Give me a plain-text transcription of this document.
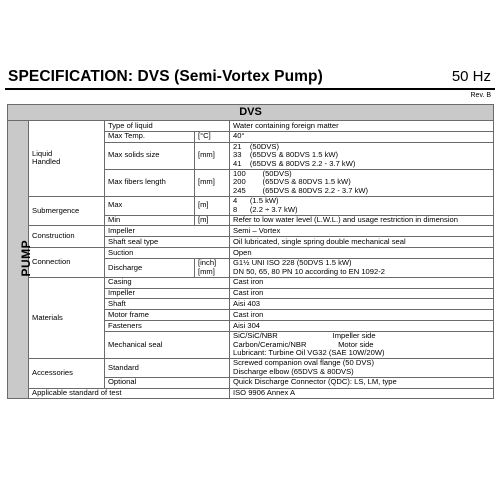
SPECIFICATION: DVS (Semi-Vortex Pump)	50 Hz
Rev. B
DVS				
PUMP	Liquid
Handled	Type of liquid		Water containing foreign matter
		Max Temp.	[°C]	40°
		Max solids size	[mm]	21    (50DVS)
33    (65DVS & 80DVS 1.5 kW)
41    (65DVS & 80DVS 2.2 - 3.7 kW)
		Max fibers length	[mm]	100        (50DVS)
200        (65DVS & 80DVS 1.5 kW)
245        (65DVS & 80DVS 2.2 - 3.7 kW)
	Submergence	Max	[m]	4      (1.5 kW)
8      (2.2 ÷ 3.7 kW)
		Min	[m]	Refer to low water level (L.W.L.) and usage restriction in dimension
	Construction	Impeller		Semi – Vortex
		Shaft seal type		Oil lubricated, single spring double mechanical seal
	Connection	Suction		Open
		Discharge	[inch]
[mm]	G1½ UNI ISO 228 (50DVS 1.5 kW)
DN 50, 65, 80 PN 10 according to EN 1092-2
	Materials	Casing		Cast iron
		Impeller		Cast iron
		Shaft		Aisi 403
		Motor frame		Cast iron
		Fasteners		Aisi 304
		Mechanical seal		SiC/SiC/NBR                          Impeller side
Carbon/Ceramic/NBR               Motor side
Lubricant: Turbine Oil VG32 (SAE 10W/20W)
	Accessories	Standard		Screwed companion oval flange (50 DVS)
Discharge elbow (65DVS & 80DVS)
		Optional		Quick Discharge Connector (QDC): LS, LM, type
	Applicable standard of test			ISO 9906 Annex A
